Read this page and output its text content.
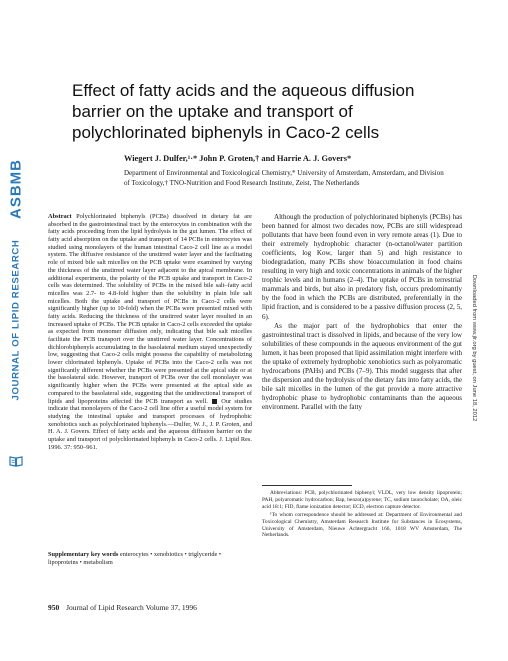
ASBMB
JOURNAL OF LIPID RESEARCH
Effect of fatty acids and the aqueous diffusion barrier on the uptake and transport of polychlorinated biphenyls in Caco-2 cells
Wiegert J. Dulfer,¹·* John P. Groten,† and Harrie A. J. Govers*
Department of Environmental and Toxicological Chemistry,* University of Amsterdam, Amsterdam, and Division of Toxicology,† TNO-Nutrition and Food Research Institute, Zeist, The Netherlands
Abstract Polychlorinated biphenyls (PCBs) dissolved in dietary fat are absorbed in the gastrointestinal tract by the enterocytes in combination with the fatty acids proceeding from the lipid hydrolysis in the gut lumen. The effect of fatty acid absorption on the uptake and transport of 14 PCBs in enterocytes was studied using monolayers of the human intestinal Caco-2 cell line as a model system. The diffusive resistance of the unstirred water layer and the facilitating role of mixed bile salt micelles on the PCB uptake were examined by varying the thickness of the unstirred water layer adjacent to the apical membrane. In additional experiments, the polarity of the PCB uptake and transport in Caco-2 cells was determined. The solubility of PCBs in the mixed bile salt–fatty acid micelles was 2.7- to 4.8-fold higher than the solubility in plain bile salt micelles. Both the uptake and transport of PCBs in Caco-2 cells were significantly higher (up to 10-fold) when the PCBs were presented mixed with fatty acids. Reducing the thickness of the unstirred water layer resulted in an increased uptake of PCBs. The PCB uptake in Caco-2 cells exceeded the uptake as expected from monomer diffusion only, indicating that bile salt micelles facilitate the PCB transport over the unstirred water layer. Concentrations of dichlorobiphenyls accumulating in the basolateral medium stayed unexpectedly low, suggesting that Caco-2 cells might possess the capability of metabolizing lower chlorinated biphenyls. Uptake of PCBs into the Caco-2 cells was not significantly different whether the PCBs were presented at the apical side or at the basolateral side. However, transport of PCBs over the cell monolayer was significantly higher when the PCBs were presented at the apical side as compared to the basolateral side, suggesting that the unidirectional transport of lipids and lipoproteins affected the PCB transport as well. Our studies indicate that monolayers of the Caco-2 cell line offer a useful model system for studying the intestinal uptake and transport processes of hydrophobic xenobiotics such as polychlorinated biphenyls.—Dulfer, W. J., J. P. Groten, and H. A. J. Govers. Effect of fatty acids and the aqueous diffusion barrier on the uptake and transport of polychlorinated biphenyls in Caco-2 cells. J. Lipid Res. 1996. 37: 950–961.
Supplementary key words enterocytes • xenobiotics • triglyceride • lipoproteins • metabolism

Although the production of polychlorinated biphenyls (PCBs) has been banned for almost two decades now, PCBs are still widespread pollutants that have been found even in very remote areas (1). Due to their extremely hydrophobic character (n-octanol/water partition coefficients, log Kow, larger than 5) and high resistance to biodegradation, many PCBs show bioaccumulation in food chains resulting in very high and toxic concentrations in animals of the higher trophic levels and in humans (2–4). The uptake of PCBs in terrestrial mammals and birds, but also in predatory fish, occurs predominantly by the food in which the PCBs are distributed, preferentially in the lipid fraction, and is considered to be a passive diffusion process (2, 5, 6).

As the major part of the hydrophobics that enter the gastrointestinal tract is dissolved in lipids, and because of the very low solubilities of these compounds in the aqueous environment of the gut lumen, it has been proposed that lipid assimilation might interfere with the uptake of extremely hydrophobic xenobiotics such as polyaromatic hydrocarbons (PAHs) and PCBs (7–9). This model suggests that after the dispersion and the hydrolysis of the dietary fats into fatty acids, the bile salt micelles in the lumen of the gut provide a more attractive hydrophobic phase to hydrophobic contaminants than the aqueous environment. Parallel with the fatty

Abbreviations: PCB, polychlorinated biphenyl; VLDL, very low density lipoprotein; PAH, polyaromatic hydrocarbon; Bap, benzo(a)pyrene; TC, sodium taurocholate; OA, oleic acid 18:1; FID, flame ionization detector; ECD, electron capture detector.

¹To whom correspondence should be addressed at: Department of Environmental and Toxicological Chemistry, Amsterdam Research Institute for Substances in Ecosystems, University of Amsterdam, Nieuwe Achtergracht 166, 1018 WV Amsterdam, The Netherlands.

Downloaded from www.jlr.org by guest, on June 18, 2012
950 Journal of Lipid Research Volume 37, 1996
